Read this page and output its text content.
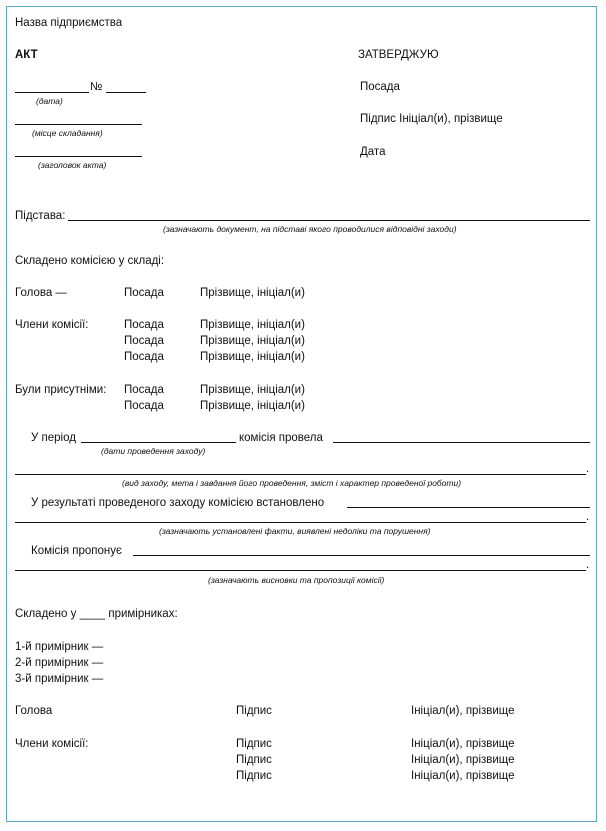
Назва підприємства
АКТ	ЗАТВЕРДЖУЮ
№
(дата)
Посада
(місце складання)
Підпис Ініціал(и), прізвище
(заголовок акта)
Дата
Підстава:
(зазначають документ, на підставі якого проводилися відповідні заходи)
Складено комісією у складі:
Голова —	Посада	Прізвище, ініціал(и)
Члени комісії:	Посада	Прізвище, ініціал(и)
Посада	Прізвище, ініціал(и)
Посада	Прізвище, ініціал(и)
Були присутніми: Посада	Прізвище, ініціал(и)
Посада	Прізвище, ініціал(и)
У період	комісія провела
(дати проведення заходу)
.
(вид заходу, мета і завдання його проведення, зміст і характер проведеної роботи)
У результаті проведеного заходу комісією встановлено
.
(зазначають установлені факти, виявлені недоліки та порушення)
Комісія пропонує
.
(зазначають висновки та пропозиції комісії)
Складено у ____ примірниках:
1-й примірник —
2-й примірник —
3-й примірник —
Голова	Підпис	Ініціал(и), прізвище
Члени комісії:	Підпис	Ініціал(и), прізвище
Підпис	Ініціал(и), прізвище
Підпис	Ініціал(и), прізвище
